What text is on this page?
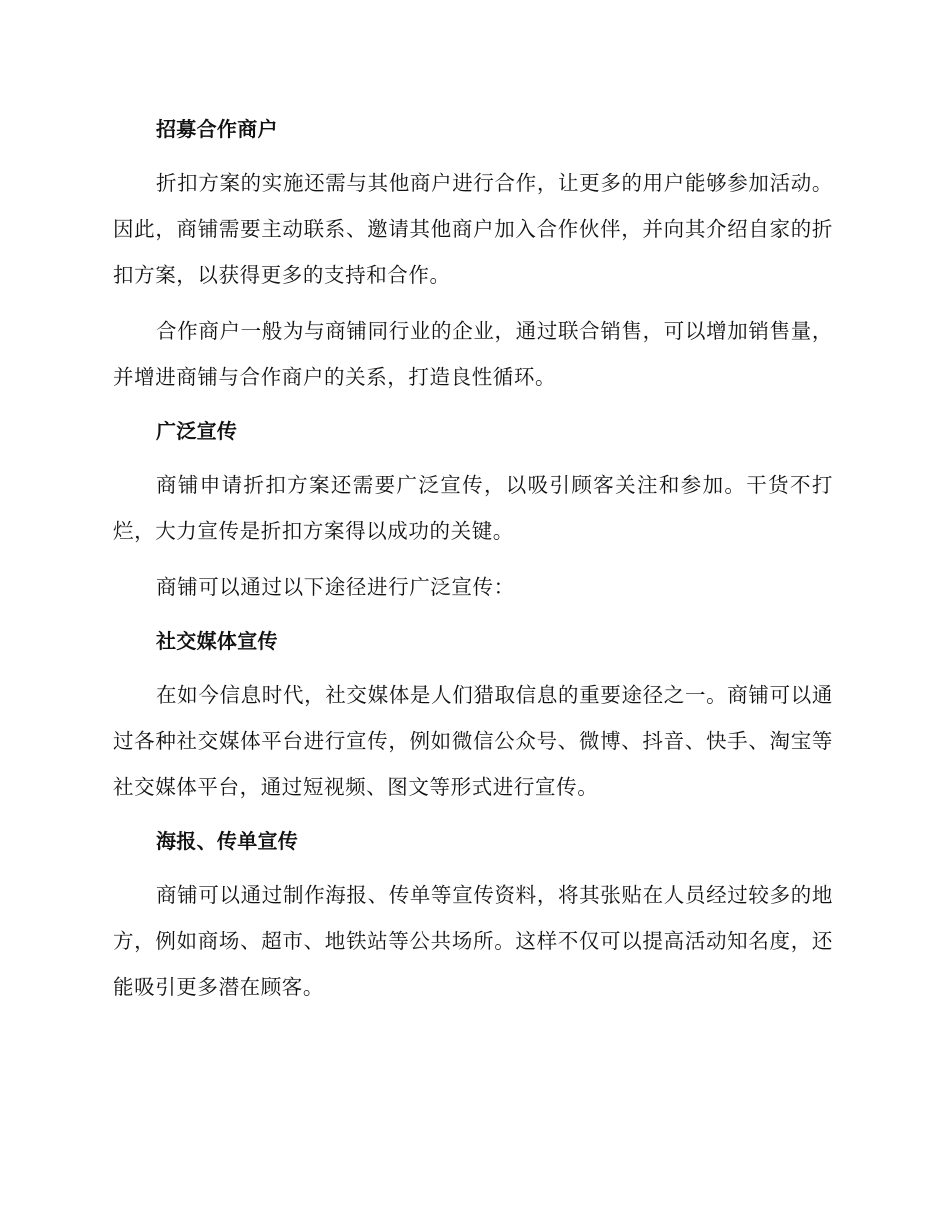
招募合作商户

折扣方案的实施还需与其他商户进行合作，让更多的用户能够参加活动。因此，商铺需要主动联系、邀请其他商户加入合作伙伴，并向其介绍自家的折扣方案，以获得更多的支持和合作。

合作商户一般为与商铺同行业的企业，通过联合销售，可以增加销售量，并增进商铺与合作商户的关系，打造良性循环。

广泛宣传

商铺申请折扣方案还需要广泛宣传，以吸引顾客关注和参加。干货不打烂，大力宣传是折扣方案得以成功的关键。

商铺可以通过以下途径进行广泛宣传：

社交媒体宣传

在如今信息时代，社交媒体是人们猎取信息的重要途径之一。商铺可以通过各种社交媒体平台进行宣传，例如微信公众号、微博、抖音、快手、淘宝等社交媒体平台，通过短视频、图文等形式进行宣传。

海报、传单宣传

商铺可以通过制作海报、传单等宣传资料，将其张贴在人员经过较多的地方，例如商场、超市、地铁站等公共场所。这样不仅可以提高活动知名度，还能吸引更多潜在顾客。
